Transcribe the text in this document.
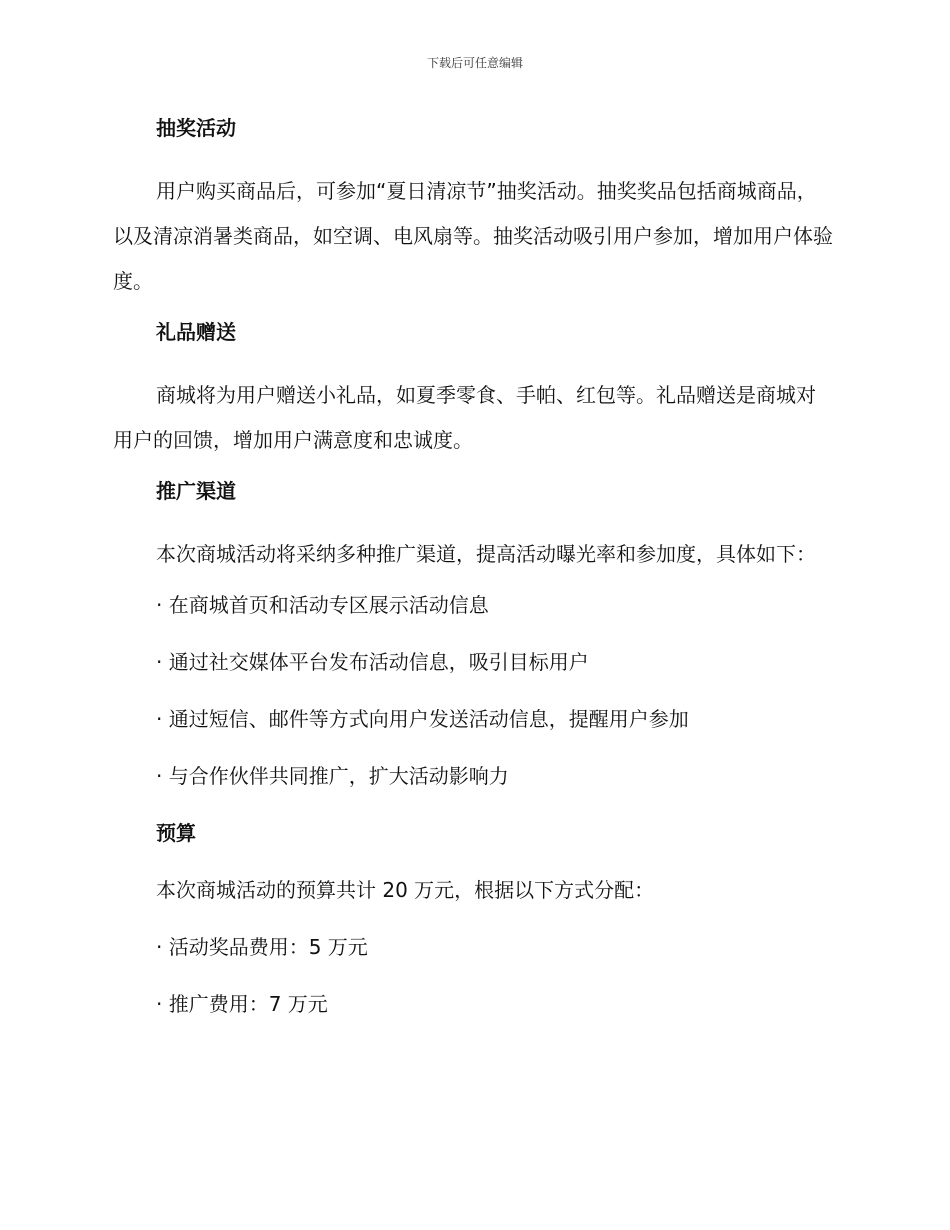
下载后可任意编辑
抽奖活动
用户购买商品后，可参加“夏日清凉节”抽奖活动。抽奖奖品包括商城商品，以及清凉消暑类商品，如空调、电风扇等。抽奖活动吸引用户参加，增加用户体验度。
礼品赠送
商城将为用户赠送小礼品，如夏季零食、手帕、红包等。礼品赠送是商城对用户的回馈，增加用户满意度和忠诚度。
推广渠道
本次商城活动将采纳多种推广渠道，提高活动曝光率和参加度，具体如下：
· 在商城首页和活动专区展示活动信息
· 通过社交媒体平台发布活动信息，吸引目标用户
· 通过短信、邮件等方式向用户发送活动信息，提醒用户参加
· 与合作伙伴共同推广，扩大活动影响力
预算
本次商城活动的预算共计 20 万元，根据以下方式分配：
· 活动奖品费用：5 万元
· 推广费用：7 万元
